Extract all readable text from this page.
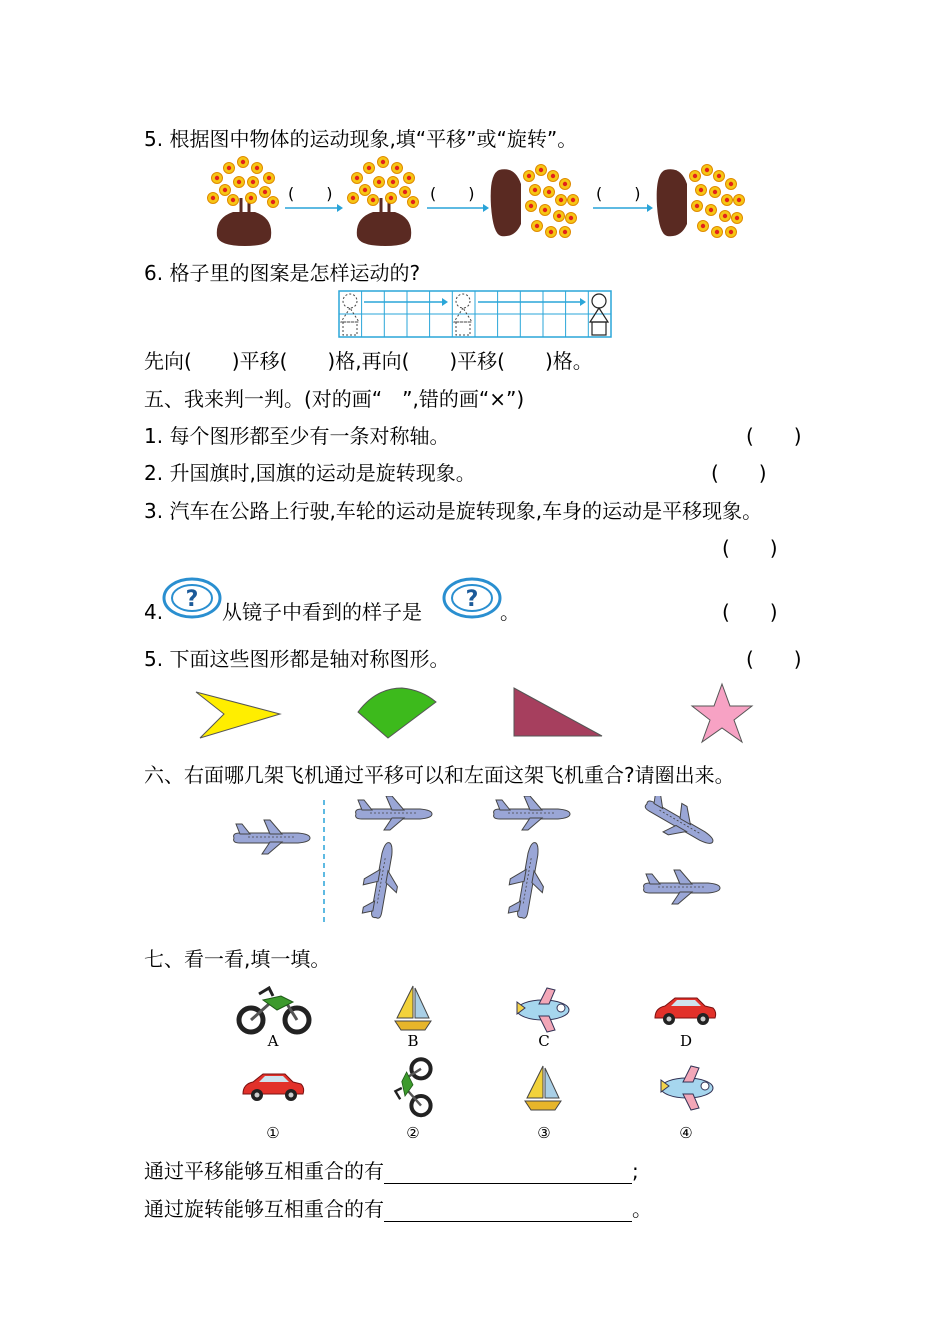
5. 根据图中物体的运动现象,填“平移”或“旋转”。
(　　)	(　　)	(　　)
6. 格子里的图案是怎样运动的?
先向(　　)平移(　　)格,再向(　　)平移(　　)格。
五、我来判一判。(对的画“　”,错的画“×”)
1. 每个图形都至少有一条对称轴。	(　　)
2. 升国旗时,国旗的运动是旋转现象。	(　　)
3. 汽车在公路上行驶,车轮的运动是旋转现象,车身的运动是平移现象。
(　　)
4. ? 从镜子中看到的样子是 ? 。	(　　)
5. 下面这些图形都是轴对称图形。	(　　)
六、右面哪几架飞机通过平移可以和左面这架飞机重合?请圈出来。
七、看一看,填一填。
A	B	C	D
①	②	③	④
通过平移能够互相重合的有	;
通过旋转能够互相重合的有	。
